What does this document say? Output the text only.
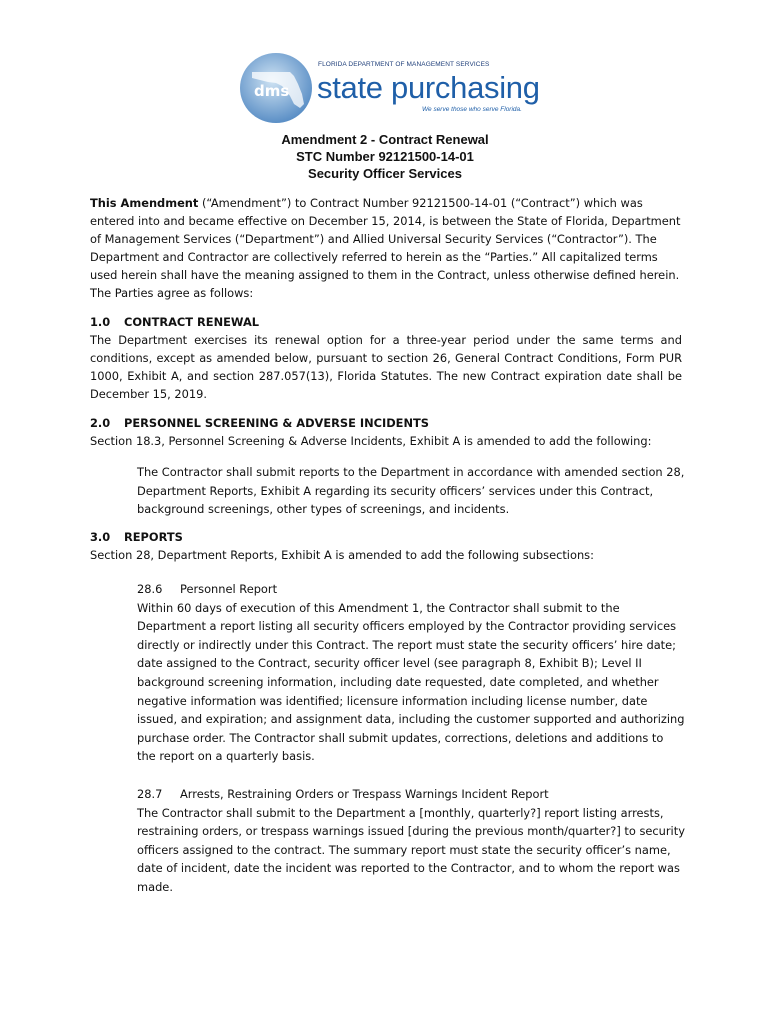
dms
FLORIDA DEPARTMENT OF MANAGEMENT SERVICES
state purchasing
We serve those who serve Florida.
Amendment 2 - Contract Renewal
STC Number 92121500-14-01
Security Officer Services

This Amendment (“Amendment”) to Contract Number 92121500-14-01 (“Contract”) which was entered into and became effective on December 15, 2014, is between the State of Florida, Department of Management Services (“Department”) and Allied Universal Security Services (“Contractor”). The Department and Contractor are collectively referred to herein as the “Parties.” All capitalized terms used herein shall have the meaning assigned to them in the Contract, unless otherwise defined herein. The Parties agree as follows:

1.0 CONTRACT RENEWAL

The Department exercises its renewal option for a three-year period under the same terms and conditions, except as amended below, pursuant to section 26, General Contract Conditions, Form PUR 1000, Exhibit A, and section 287.057(13), Florida Statutes. The new Contract expiration date shall be December 15, 2019.

2.0 PERSONNEL SCREENING & ADVERSE INCIDENTS

Section 18.3, Personnel Screening & Adverse Incidents, Exhibit A is amended to add the following:

The Contractor shall submit reports to the Department in accordance with amended section 28, Department Reports, Exhibit A regarding its security officers’ services under this Contract, background screenings, other types of screenings, and incidents.

3.0 REPORTS

Section 28, Department Reports, Exhibit A is amended to add the following subsections:

28.6 Personnel Report

Within 60 days of execution of this Amendment 1, the Contractor shall submit to the Department a report listing all security officers employed by the Contractor providing services directly or indirectly under this Contract. The report must state the security officers’ hire date; date assigned to the Contract, security officer level (see paragraph 8, Exhibit B); Level II background screening information, including date requested, date completed, and whether negative information was identified; licensure information including license number, date issued, and expiration; and assignment data, including the customer supported and authorizing purchase order. The Contractor shall submit updates, corrections, deletions and additions to the report on a quarterly basis.

28.7 Arrests, Restraining Orders or Trespass Warnings Incident Report

The Contractor shall submit to the Department a [monthly, quarterly?] report listing arrests, restraining orders, or trespass warnings issued [during the previous month/quarter?] to security officers assigned to the contract. The summary report must state the security officer’s name, date of incident, date the incident was reported to the Contractor, and to whom the report was made.
